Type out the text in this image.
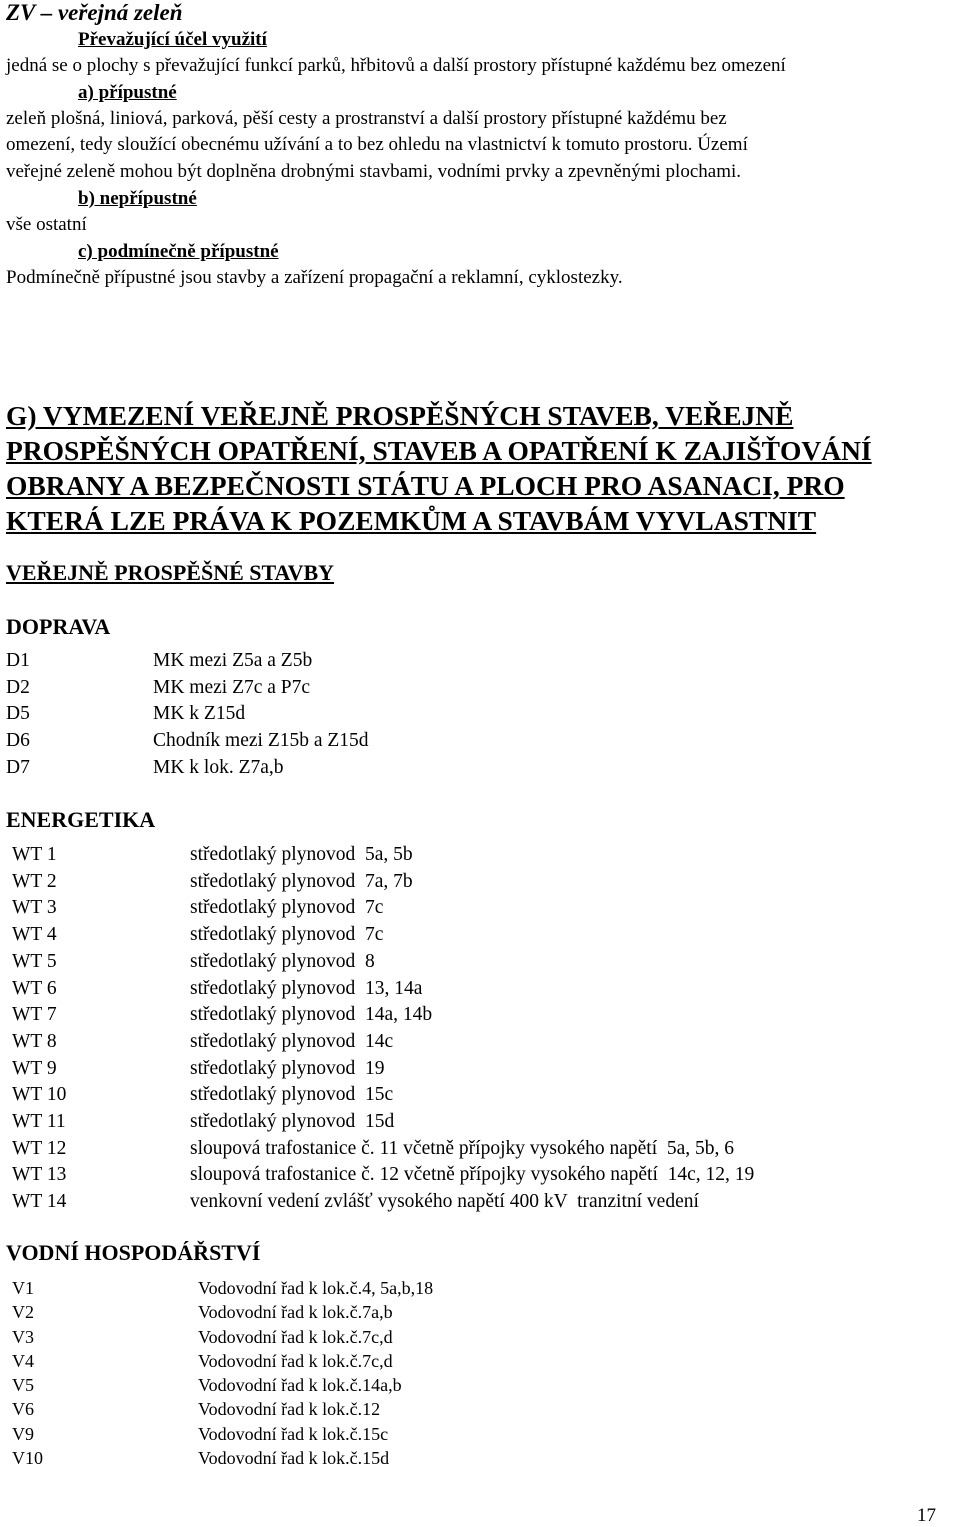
ZV – veřejná zeleň
Převažující účel využití
jedná se o plochy s převažující funkcí parků, hřbitovů a další prostory přístupné každému bez omezení
a) přípustné
zeleň plošná, liniová, parková, pěší cesty a prostranství a další prostory přístupné každému bez
omezení, tedy sloužící obecnému užívání a to bez ohledu na vlastnictví k tomuto prostoru. Území
veřejné zeleně mohou být doplněna drobnými stavbami, vodními prvky a zpevněnými plochami.
b) nepřípustné
vše ostatní
c) podmínečně přípustné
Podmínečně přípustné jsou stavby a zařízení propagační a reklamní, cyklostezky.
G) VYMEZENÍ VEŘEJNĚ PROSPĚŠNÝCH STAVEB, VEŘEJNĚ
PROSPĚŠNÝCH OPATŘENÍ, STAVEB A OPATŘENÍ K ZAJIŠŤOVÁNÍ
OBRANY A BEZPEČNOSTI STÁTU A PLOCH PRO ASANACI, PRO
KTERÁ LZE PRÁVA K POZEMKŮM A STAVBÁM VYVLASTNIT
VEŘEJNĚ PROSPĚŠNÉ STAVBY
DOPRAVA
D1	MK mezi Z5a a Z5b
D2	MK mezi Z7c a P7c
D5	MK k Z15d
D6	Chodník mezi Z15b a Z15d
D7	MK k lok. Z7a,b
ENERGETIKA
WT 1	středotlaký plynovod  5a, 5b
WT 2	středotlaký plynovod  7a, 7b
WT 3	středotlaký plynovod  7c
WT 4	středotlaký plynovod  7c
WT 5	středotlaký plynovod  8
WT 6	středotlaký plynovod  13, 14a
WT 7	středotlaký plynovod  14a, 14b
WT 8	středotlaký plynovod  14c
WT 9	středotlaký plynovod  19
WT 10	středotlaký plynovod  15c
WT 11	středotlaký plynovod  15d
WT 12	sloupová trafostanice č. 11 včetně přípojky vysokého napětí  5a, 5b, 6
WT 13	sloupová trafostanice č. 12 včetně přípojky vysokého napětí  14c, 12, 19
WT 14	venkovní vedení zvlášť vysokého napětí 400 kV  tranzitní vedení
VODNÍ HOSPODÁŘSTVÍ
V1	Vodovodní řad k lok.č.4, 5a,b,18
V2	Vodovodní řad k lok.č.7a,b
V3	Vodovodní řad k lok.č.7c,d
V4	Vodovodní řad k lok.č.7c,d
V5	Vodovodní řad k lok.č.14a,b
V6	Vodovodní řad k lok.č.12
V9	Vodovodní řad k lok.č.15c
V10	Vodovodní řad k lok.č.15d
17
